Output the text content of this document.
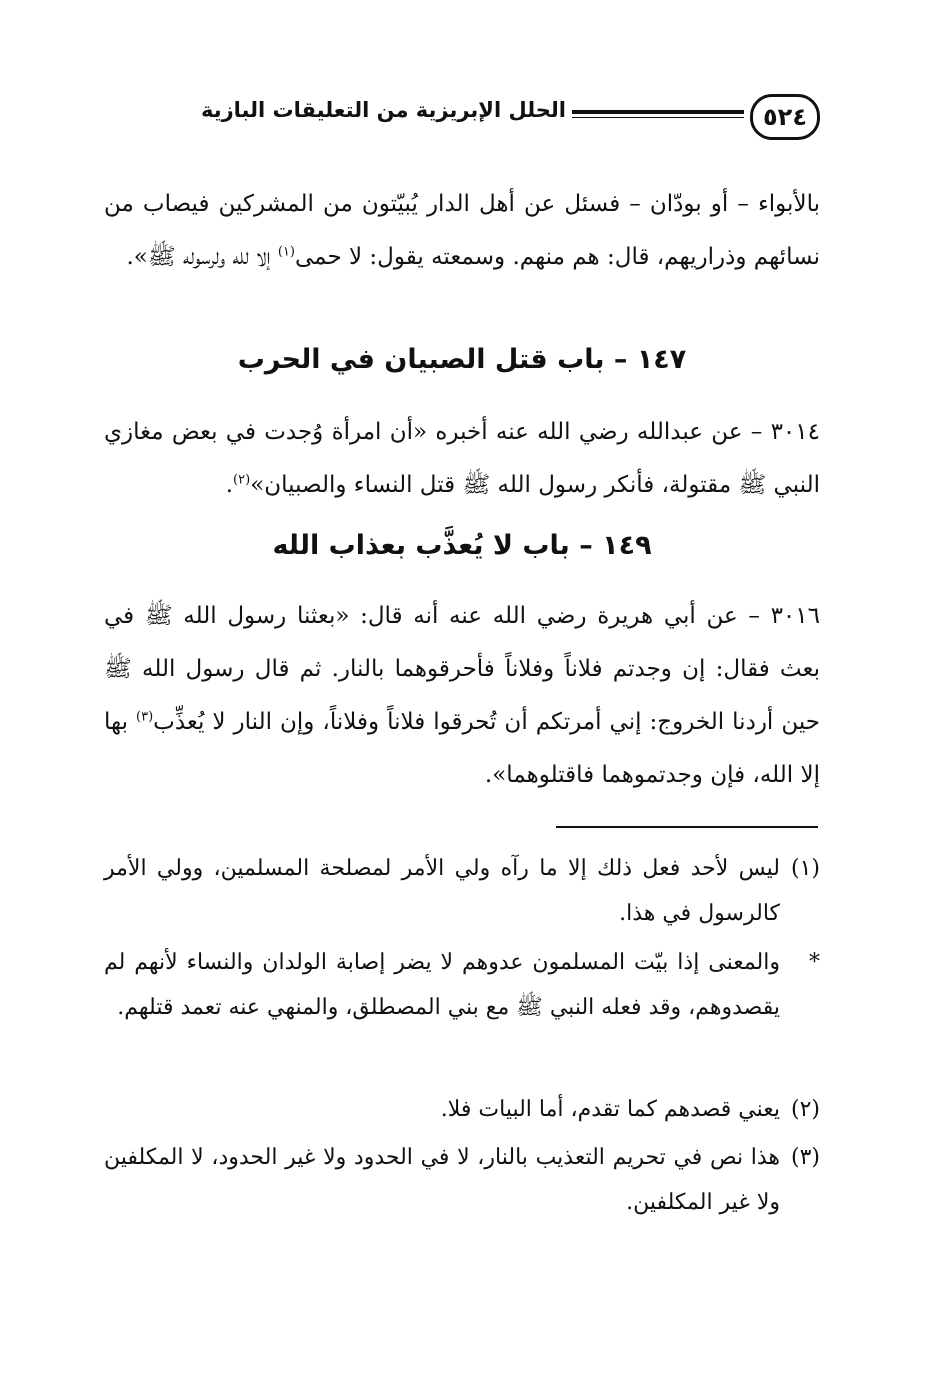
٥٢٤
الحلل الإبريزية من التعليقات البازية
بالأبواء – أو بودّان – فسئل عن أهل الدار يُبيّتون من المشركين فيصاب من نسائهم وذراريهم، قال: هم منهم. وسمعته يقول: لا حمى$^{(١)}$ إلا لله ولرسوله ﷺ».
١٤٧ – باب قتل الصبيان في الحرب
٣٠١٤ – عن عبدالله رضي الله عنه أخبره «أن امرأة وُجدت في بعض مغازي النبي ﷺ مقتولة، فأنكر رسول الله ﷺ قتل النساء والصبيان»$^{(٢)}$.
١٤٩ – باب لا يُعذَّب بعذاب الله
٣٠١٦ – عن أبي هريرة رضي الله عنه أنه قال: «بعثنا رسول الله ﷺ في بعث فقال: إن وجدتم فلاناً وفلاناً فأحرقوهما بالنار. ثم قال رسول الله ﷺ حين أردنا الخروج: إني أمرتكم أن تُحرقوا فلاناً وفلاناً، وإن النار لا يُعذِّب$^{(٣)}$ بها إلا الله، فإن وجدتموهما فاقتلوهما».
(١)
ليس لأحد فعل ذلك إلا ما رآه ولي الأمر لمصلحة المسلمين، وولي الأمر كالرسول في هذا.
*
والمعنى إذا بيّت المسلمون عدوهم لا يضر إصابة الولدان والنساء لأنهم لم يقصدوهم، وقد فعله النبي ﷺ مع بني المصطلق، والمنهي عنه تعمد قتلهم.
(٢)
يعني قصدهم كما تقدم، أما البيات فلا.
(٣)
هذا نص في تحريم التعذيب بالنار، لا في الحدود ولا غير الحدود، لا المكلفين ولا غير المكلفين.
